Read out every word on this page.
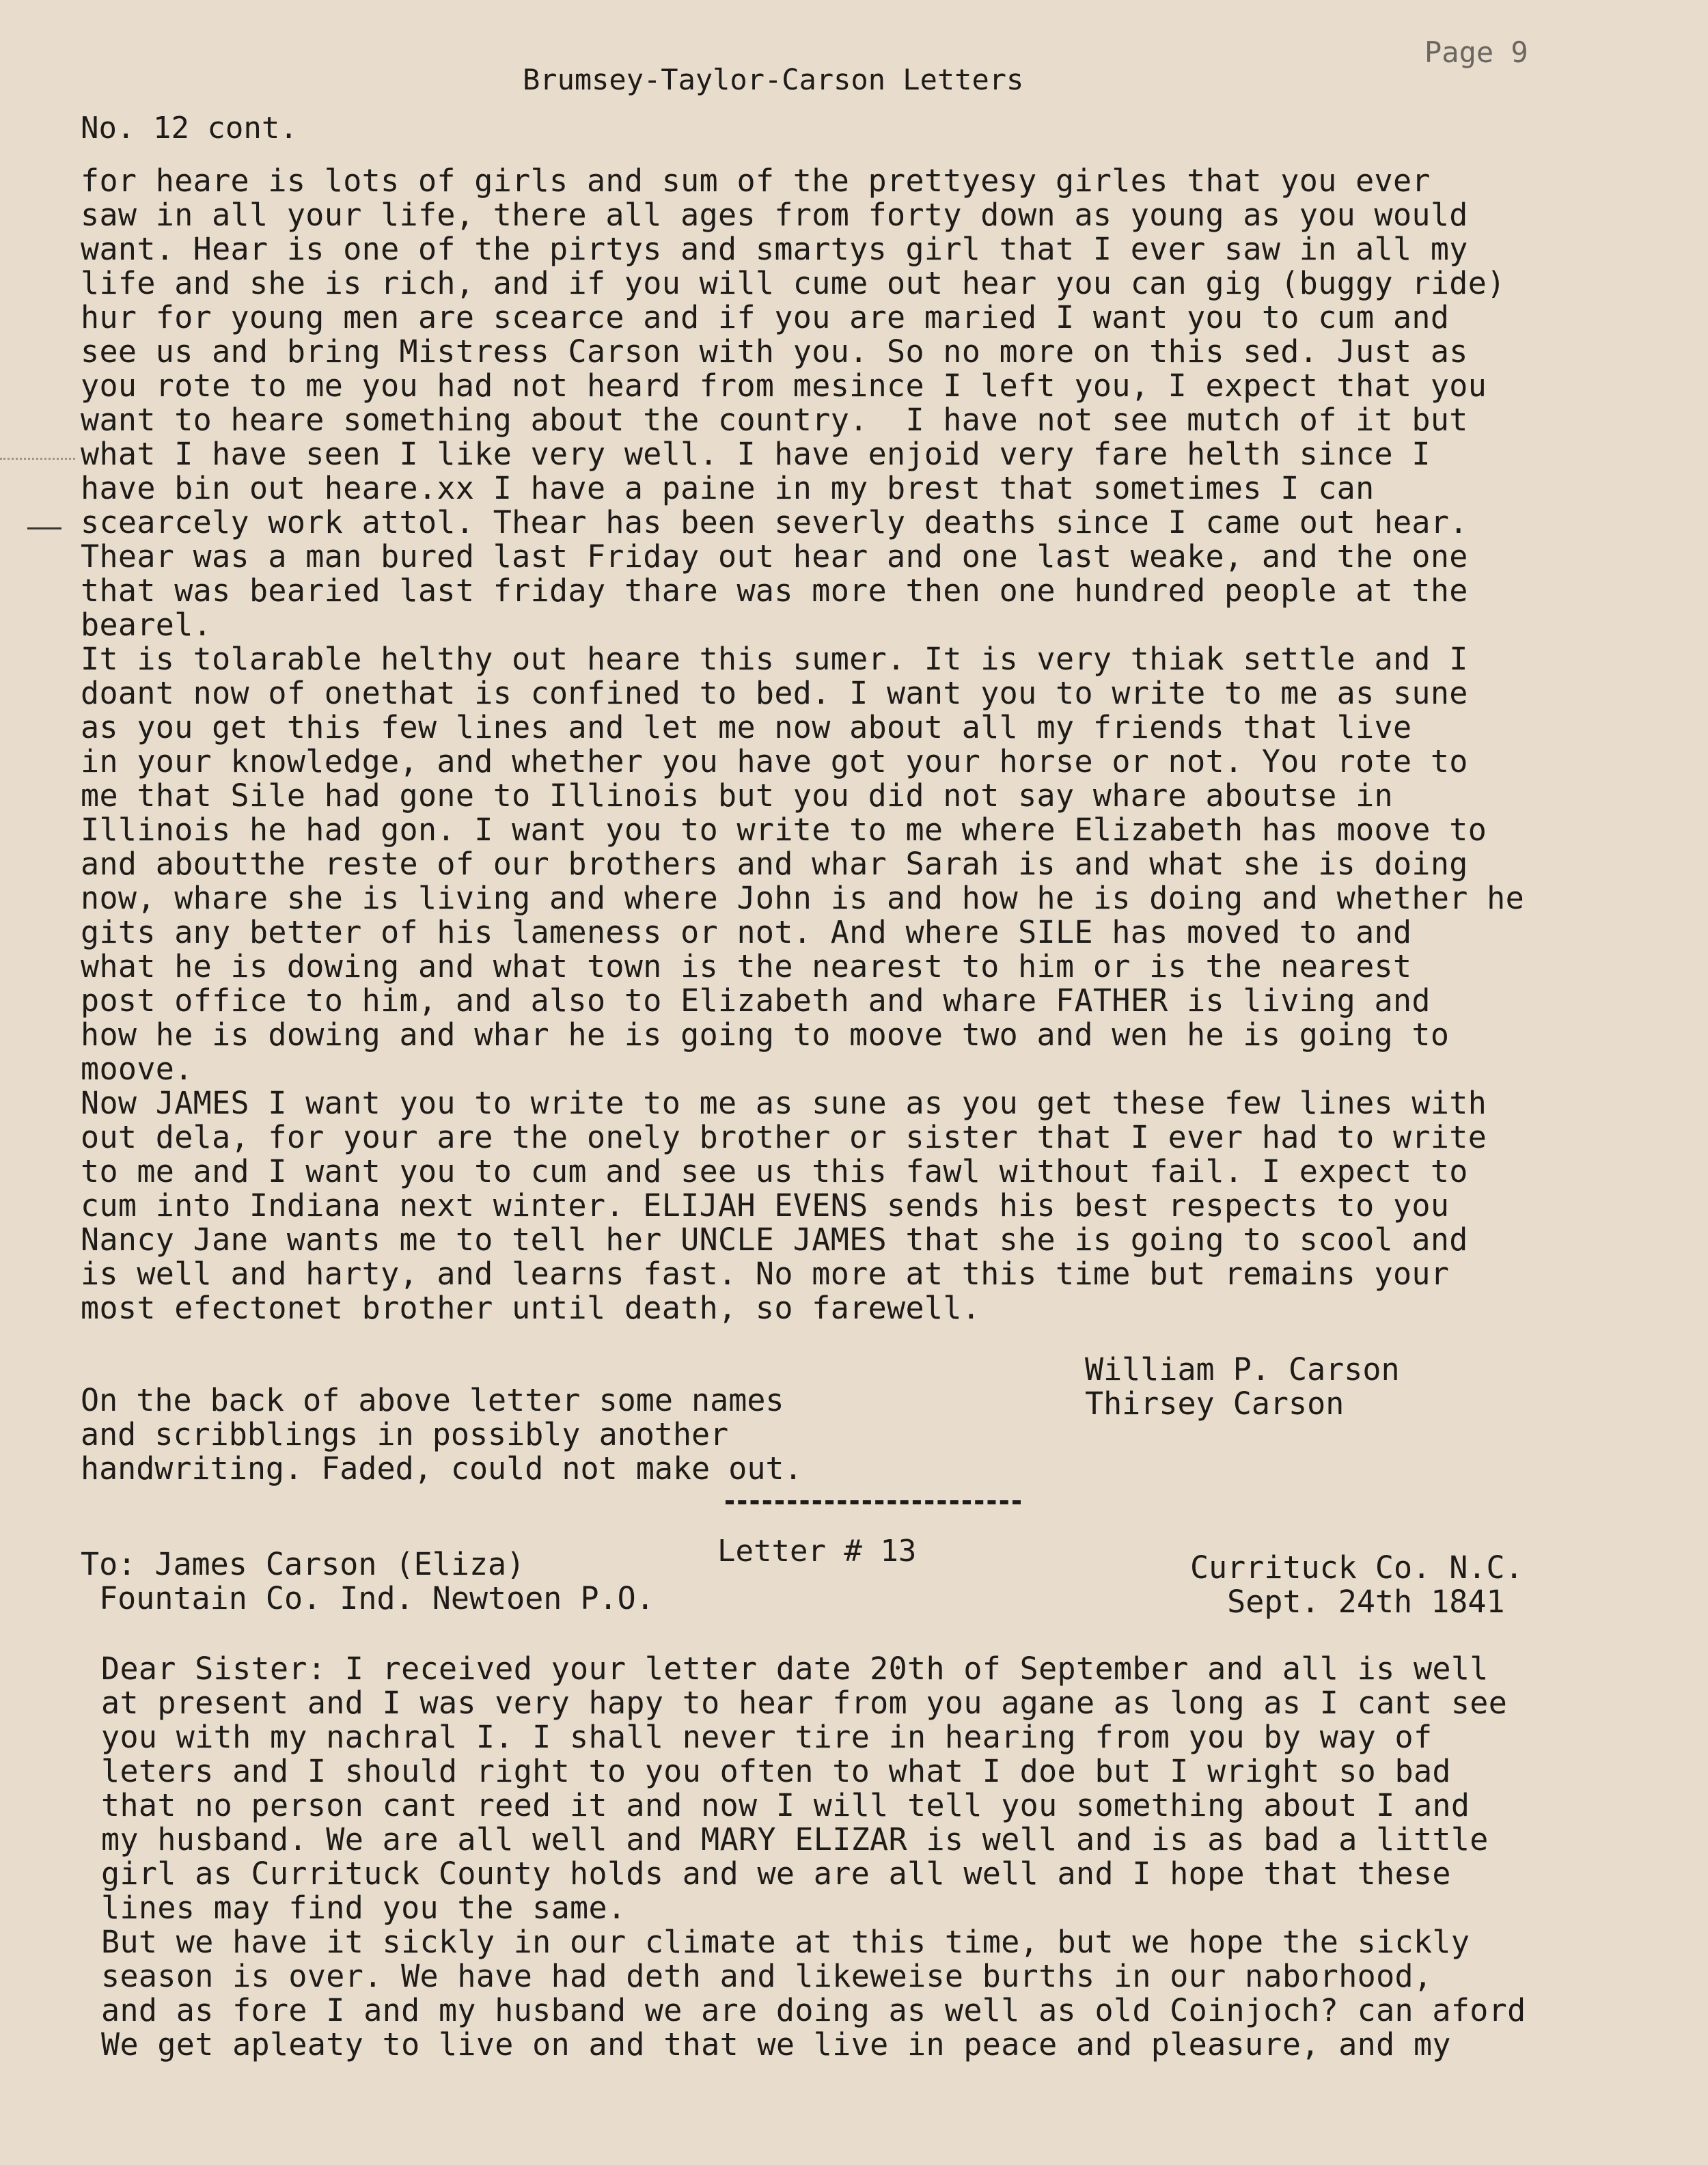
Page 9
Brumsey-Taylor-Carson Letters
No. 12 cont.
for heare is lots of girls and sum of the prettyesy girles that you ever
saw in all your life, there all ages from forty down as young as you would
want. Hear is one of the pirtys and smartys girl that I ever saw in all my
life and she is rich, and if you will cume out hear you can gig (buggy ride)
hur for young men are scearce and if you are maried I want you to cum and
see us and bring Mistress Carson with you. So no more on this sed. Just as
you rote to me you had not heard from mesince I left you, I expect that you
want to heare something about the country.  I have not see mutch of it but
what I have seen I like very well. I have enjoid very fare helth since I
have bin out heare.xx I have a paine in my brest that sometimes I can
scearcely work attol. Thear has been severly deaths since I came out hear.
Thear was a man bured last Friday out hear and one last weake, and the one
that was bearied last friday thare was more then one hundred people at the
bearel.
It is tolarable helthy out heare this sumer. It is very thiak settle and I
doant now of onethat is confined to bed. I want you to write to me as sune
as you get this few lines and let me now about all my friends that live
in your knowledge, and whether you have got your horse or not. You rote to
me that Sile had gone to Illinois but you did not say whare aboutse in
Illinois he had gon. I want you to write to me where Elizabeth has moove to
and aboutthe reste of our brothers and whar Sarah is and what she is doing
now, whare she is living and where John is and how he is doing and whether he
gits any better of his lameness or not. And where SILE has moved to and
what he is dowing and what town is the nearest to him or is the nearest
post office to him, and also to Elizabeth and whare FATHER is living and
how he is dowing and whar he is going to moove two and wen he is going to
moove.
Now JAMES I want you to write to me as sune as you get these few lines with
out dela, for your are the onely brother or sister that I ever had to write
to me and I want you to cum and see us this fawl without fail. I expect to
cum into Indiana next winter. ELIJAH EVENS sends his best respects to you
Nancy Jane wants me to tell her UNCLE JAMES that she is going to scool and
is well and harty, and learns fast. No more at this time but remains your
most efectonet brother until death, so farewell.
William P. Carson
Thirsey Carson
On the back of above letter some names
and scribblings in possibly another
handwriting. Faded, could not make out.
Letter # 13
To: James Carson (Eliza)
Fountain Co. Ind. Newtoen P.O.
Currituck Co. N.C.
Sept. 24th 1841
Dear Sister: I received your letter date 20th of September and all is well
at present and I was very hapy to hear from you agane as long as I cant see
you with my nachral I. I shall never tire in hearing from you by way of
leters and I should right to you often to what I doe but I wright so bad
that no person cant reed it and now I will tell you something about I and
my husband. We are all well and MARY ELIZAR is well and is as bad a little
girl as Currituck County holds and we are all well and I hope that these
lines may find you the same.
But we have it sickly in our climate at this time, but we hope the sickly
season is over. We have had deth and likeweise burths in our naborhood,
and as fore I and my husband we are doing as well as old Coinjoch? can aford
We get apleaty to live on and that we live in peace and pleasure, and my
